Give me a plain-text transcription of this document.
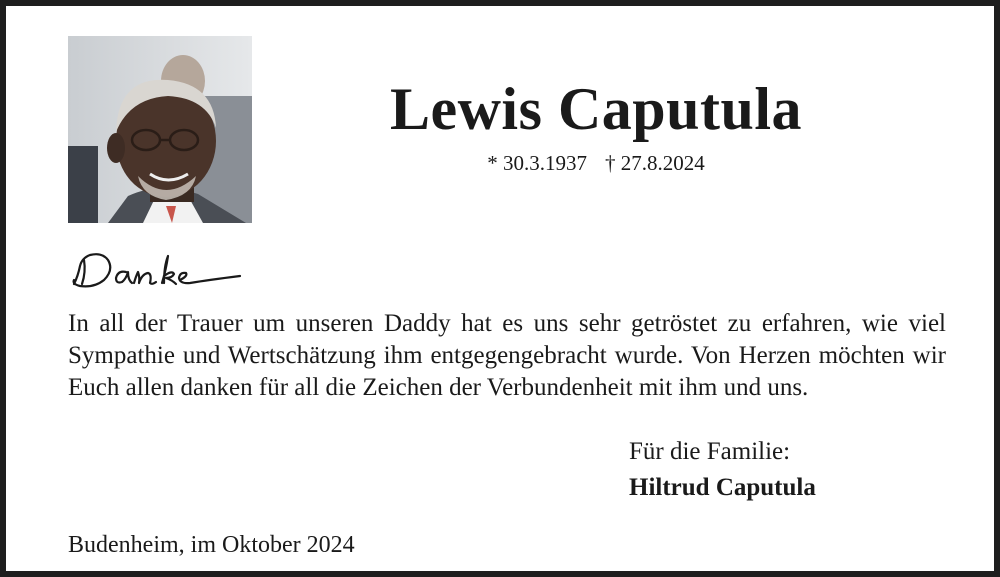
Lewis Caputula
* 30.3.1937 † 27.8.2024
In all der Trauer um unseren Daddy hat es uns sehr getröstet zu erfahren, wie viel Sympathie und Wertschätzung ihm entgegengebracht wurde. Von Herzen möchten wir Euch allen danken für all die Zeichen der Verbundenheit mit ihm und uns.
Für die Familie:
Hiltrud Caputula
Budenheim, im Oktober 2024
